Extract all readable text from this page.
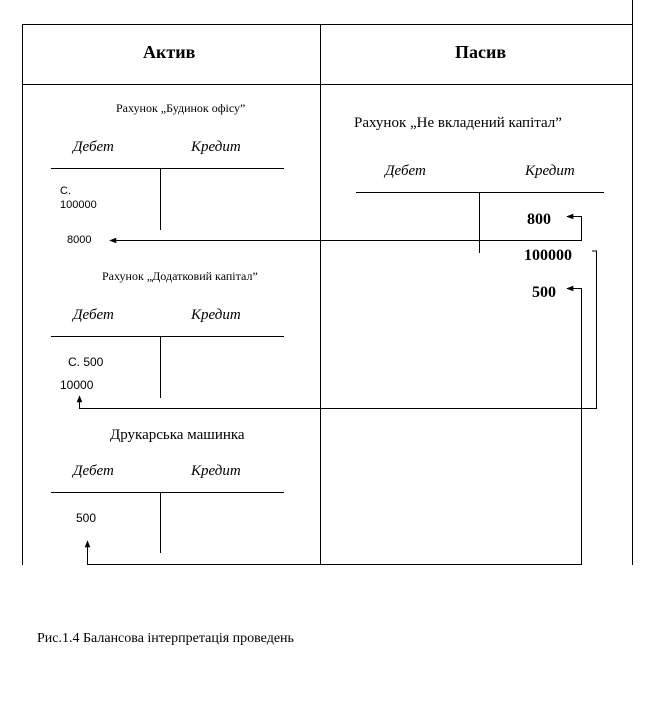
Актив	Пасив
Рахунок „Будинок офісу”
Дебет	Кредит
С.
100000
8000
Рахунок „Додатковий капітал”
Дебет	Кредит
С. 500
10000
Друкарська машинка
Дебет	Кредит
500
Рахунок „Не вкладений капітал”
Дебет	Кредит
800
100000
500
Рис.1.4 Балансова інтерпретація проведень
